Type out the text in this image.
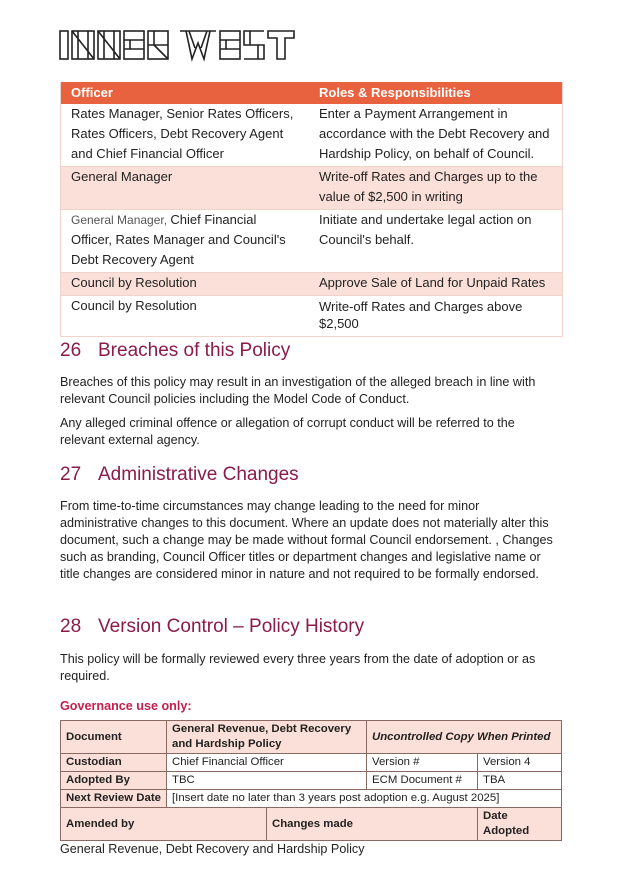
Officer	Roles & Responsibilities
Rates Manager, Senior Rates Officers, Rates Officers, Debt Recovery Agent and Chief Financial Officer	Enter a Payment Arrangement in accordance with the Debt Recovery and Hardship Policy, on behalf of Council.
General Manager	Write-off Rates and Charges up to the value of $2,500 in writing
General Manager, Chief Financial Officer, Rates Manager and Council's Debt Recovery Agent	Initiate and undertake legal action on Council's behalf.
Council by Resolution	Approve Sale of Land for Unpaid Rates
Council by Resolution	Write-off Rates and Charges above $2,500
26 Breaches of this Policy

Breaches of this policy may result in an investigation of the alleged breach in line with relevant Council policies including the Model Code of Conduct.

Any alleged criminal offence or allegation of corrupt conduct will be referred to the relevant external agency.

27 Administrative Changes

From time-to-time circumstances may change leading to the need for minor administrative changes to this document. Where an update does not materially alter this document, such a change may be made without formal Council endorsement. , Changes such as branding, Council Officer titles or department changes and legislative name or title changes are considered minor in nature and not required to be formally endorsed.

28 Version Control – Policy History

This policy will be formally reviewed every three years from the date of adoption or as required.

Governance use only:
Document	General Revenue, Debt Recovery and Hardship Policy		Uncontrolled Copy When Printed	
Custodian	Chief Financial Officer		Version #	Version 4
Adopted By	TBC		ECM Document #	TBA
Next Review Date	[Insert date no later than 3 years post adoption e.g. August 2025]			
Amended by		Changes made		Date Adopted
General Revenue, Debt Recovery and Hardship Policy
